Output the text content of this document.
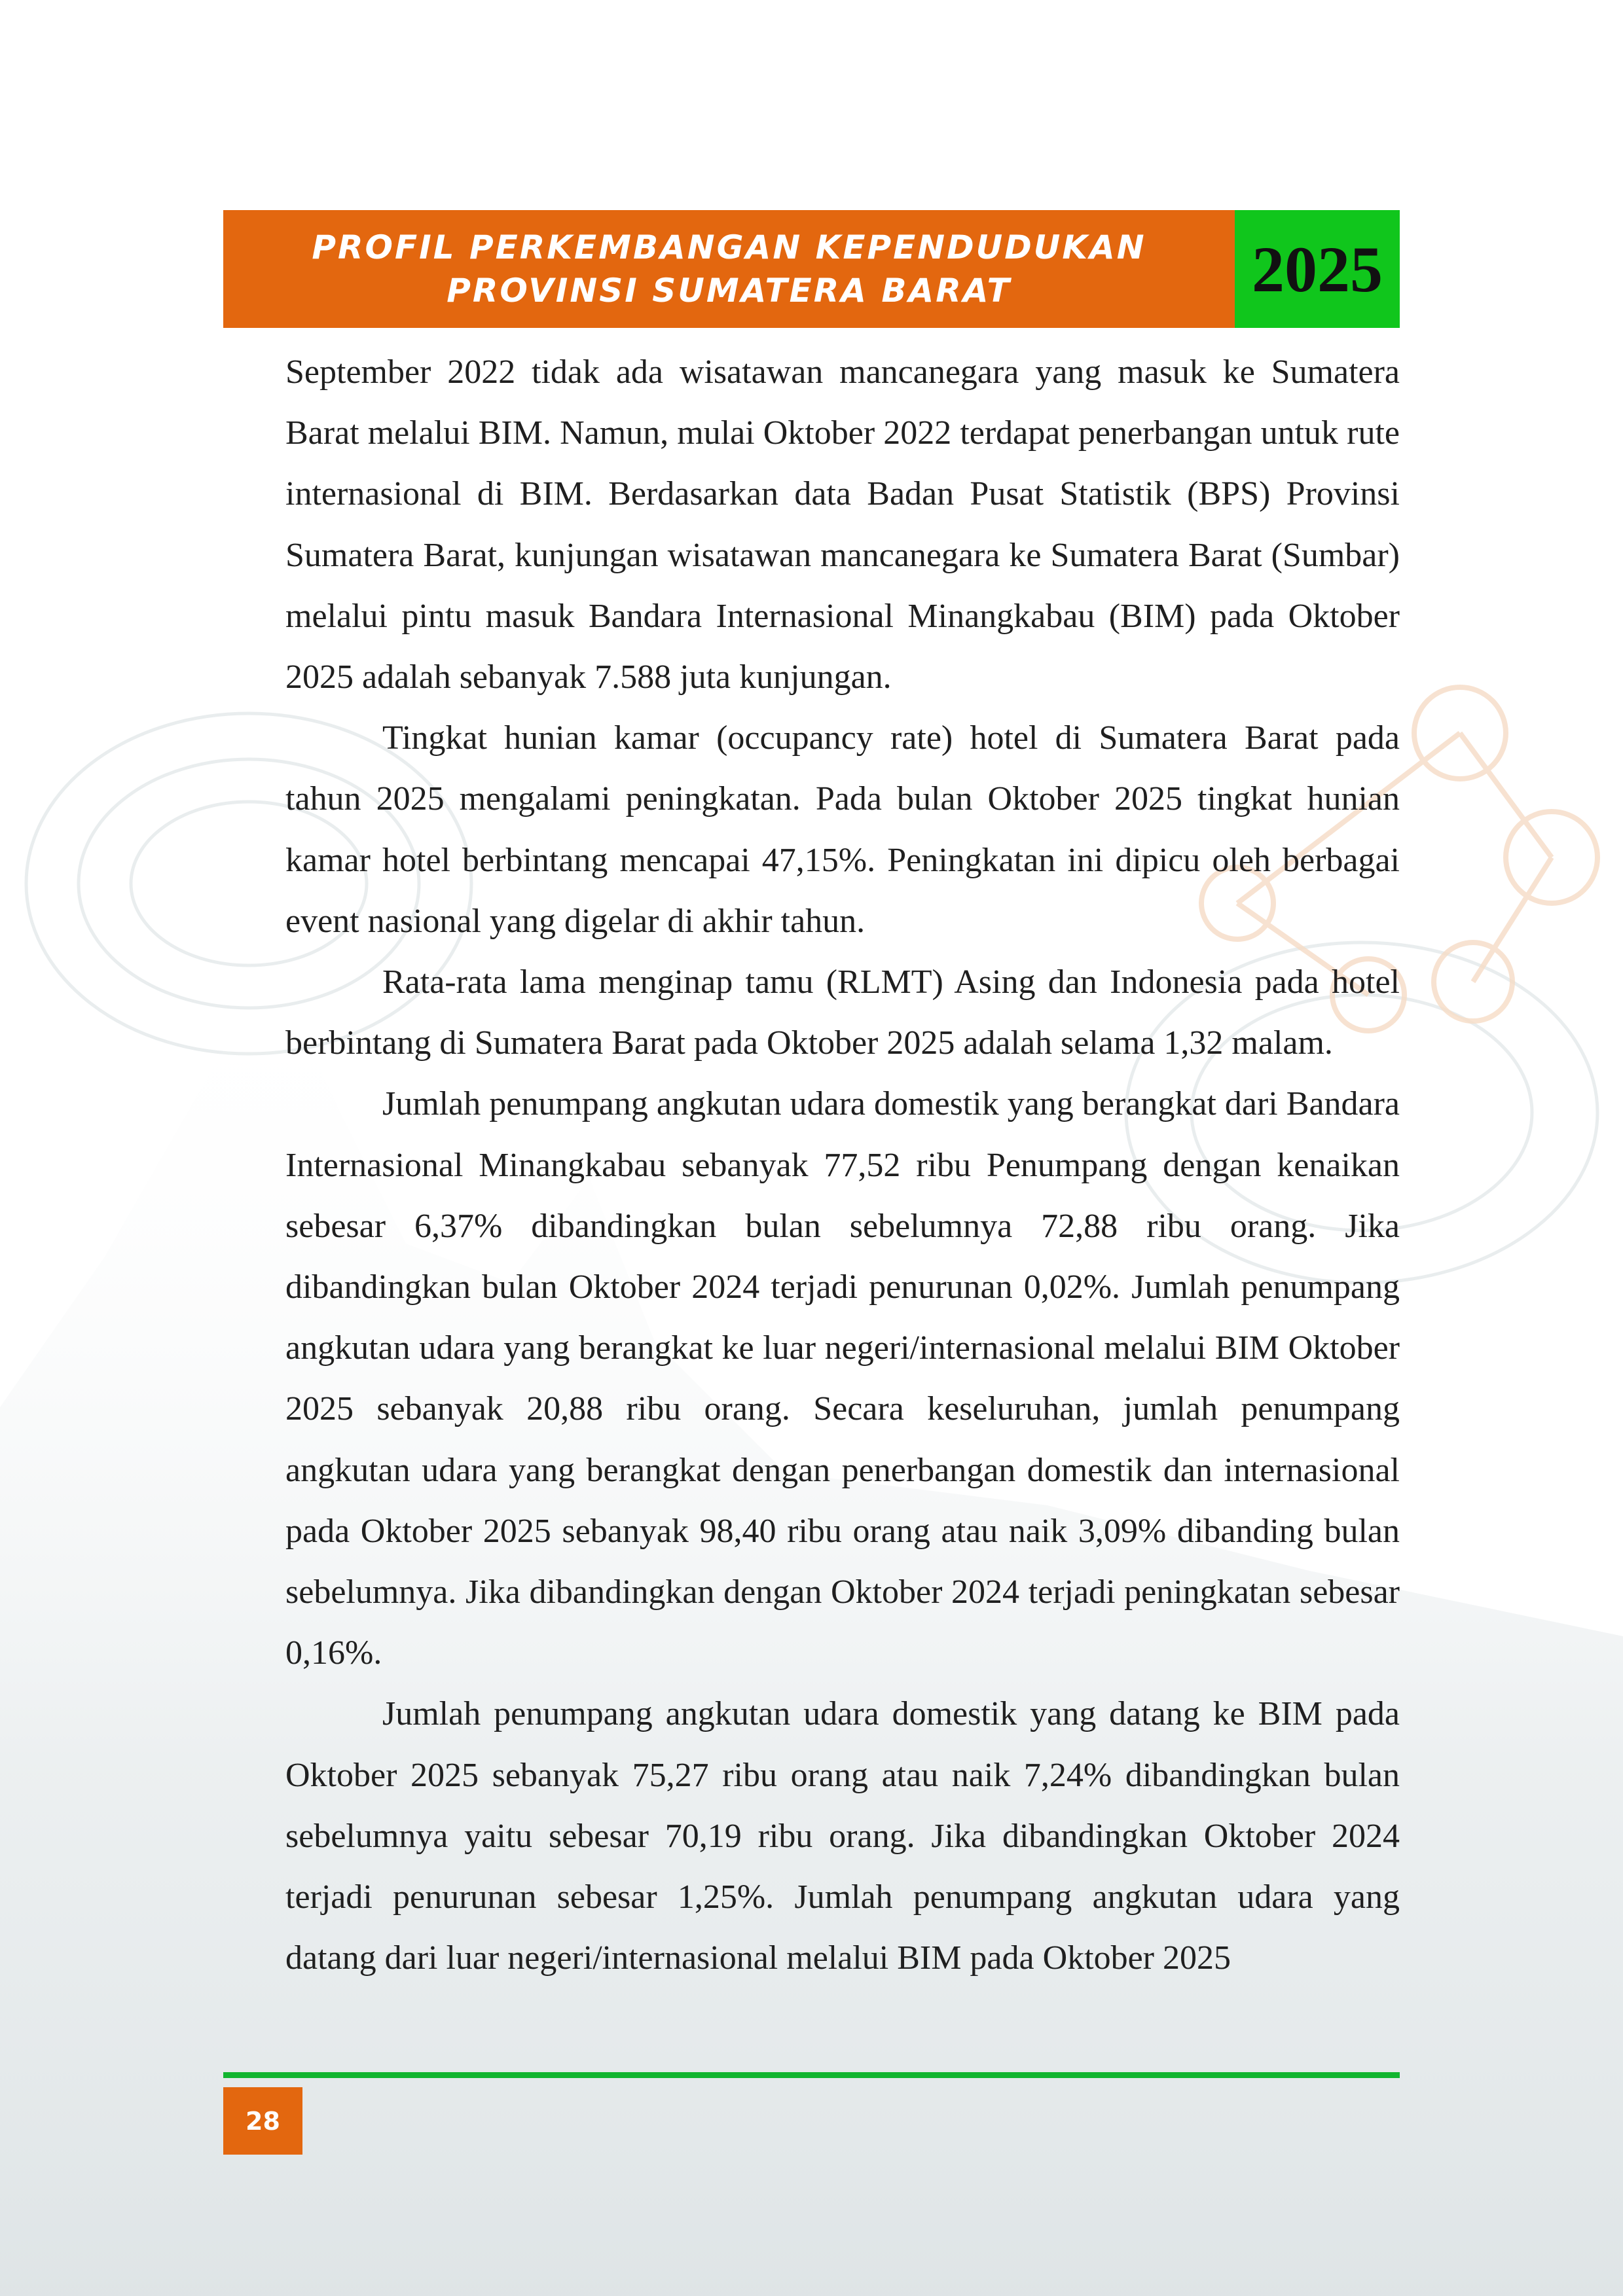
PROFIL PERKEMBANGAN KEPENDUDUKAN
PROVINSI SUMATERA BARAT	2025

September 2022 tidak ada wisatawan mancanegara yang masuk ke Sumatera Barat melalui BIM. Namun, mulai Oktober 2022 terdapat penerbangan untuk rute internasional di BIM. Berdasarkan data Badan Pusat Statistik (BPS) Provinsi Sumatera Barat, kunjungan wisatawan mancanegara ke Sumatera Barat (Sumbar) melalui pintu masuk Bandara Internasional Minangkabau (BIM) pada Oktober 2025 adalah sebanyak 7.588 juta kunjungan.

Tingkat hunian kamar (occupancy rate) hotel di Sumatera Barat pada tahun 2025 mengalami peningkatan. Pada bulan Oktober 2025 tingkat hunian kamar hotel berbintang mencapai 47,15%. Peningkatan ini dipicu oleh berbagai event nasional yang digelar di akhir tahun.

Rata-rata lama menginap tamu (RLMT) Asing dan Indonesia pada hotel berbintang di Sumatera Barat pada Oktober 2025 adalah selama 1,32 malam.

Jumlah penumpang angkutan udara domestik yang berangkat dari Bandara Internasional Minangkabau sebanyak 77,52 ribu Penumpang dengan kenaikan sebesar 6,37% dibandingkan bulan sebelumnya 72,88 ribu orang. Jika dibandingkan bulan Oktober 2024 terjadi penurunan 0,02%. Jumlah penumpang angkutan udara yang berangkat ke luar negeri/internasional melalui BIM Oktober 2025 sebanyak 20,88 ribu orang. Secara keseluruhan, jumlah penumpang angkutan udara yang berangkat dengan penerbangan domestik dan internasional pada Oktober 2025 sebanyak 98,40 ribu orang atau naik 3,09% dibanding bulan sebelumnya. Jika dibandingkan dengan Oktober 2024 terjadi peningkatan sebesar 0,16%.

Jumlah penumpang angkutan udara domestik yang datang ke BIM pada Oktober 2025 sebanyak 75,27 ribu orang atau naik 7,24% dibandingkan bulan sebelumnya yaitu sebesar 70,19 ribu orang. Jika dibandingkan Oktober 2024 terjadi penurunan sebesar 1,25%. Jumlah penumpang angkutan udara yang datang dari luar negeri/internasional melalui BIM pada Oktober 2025

28
